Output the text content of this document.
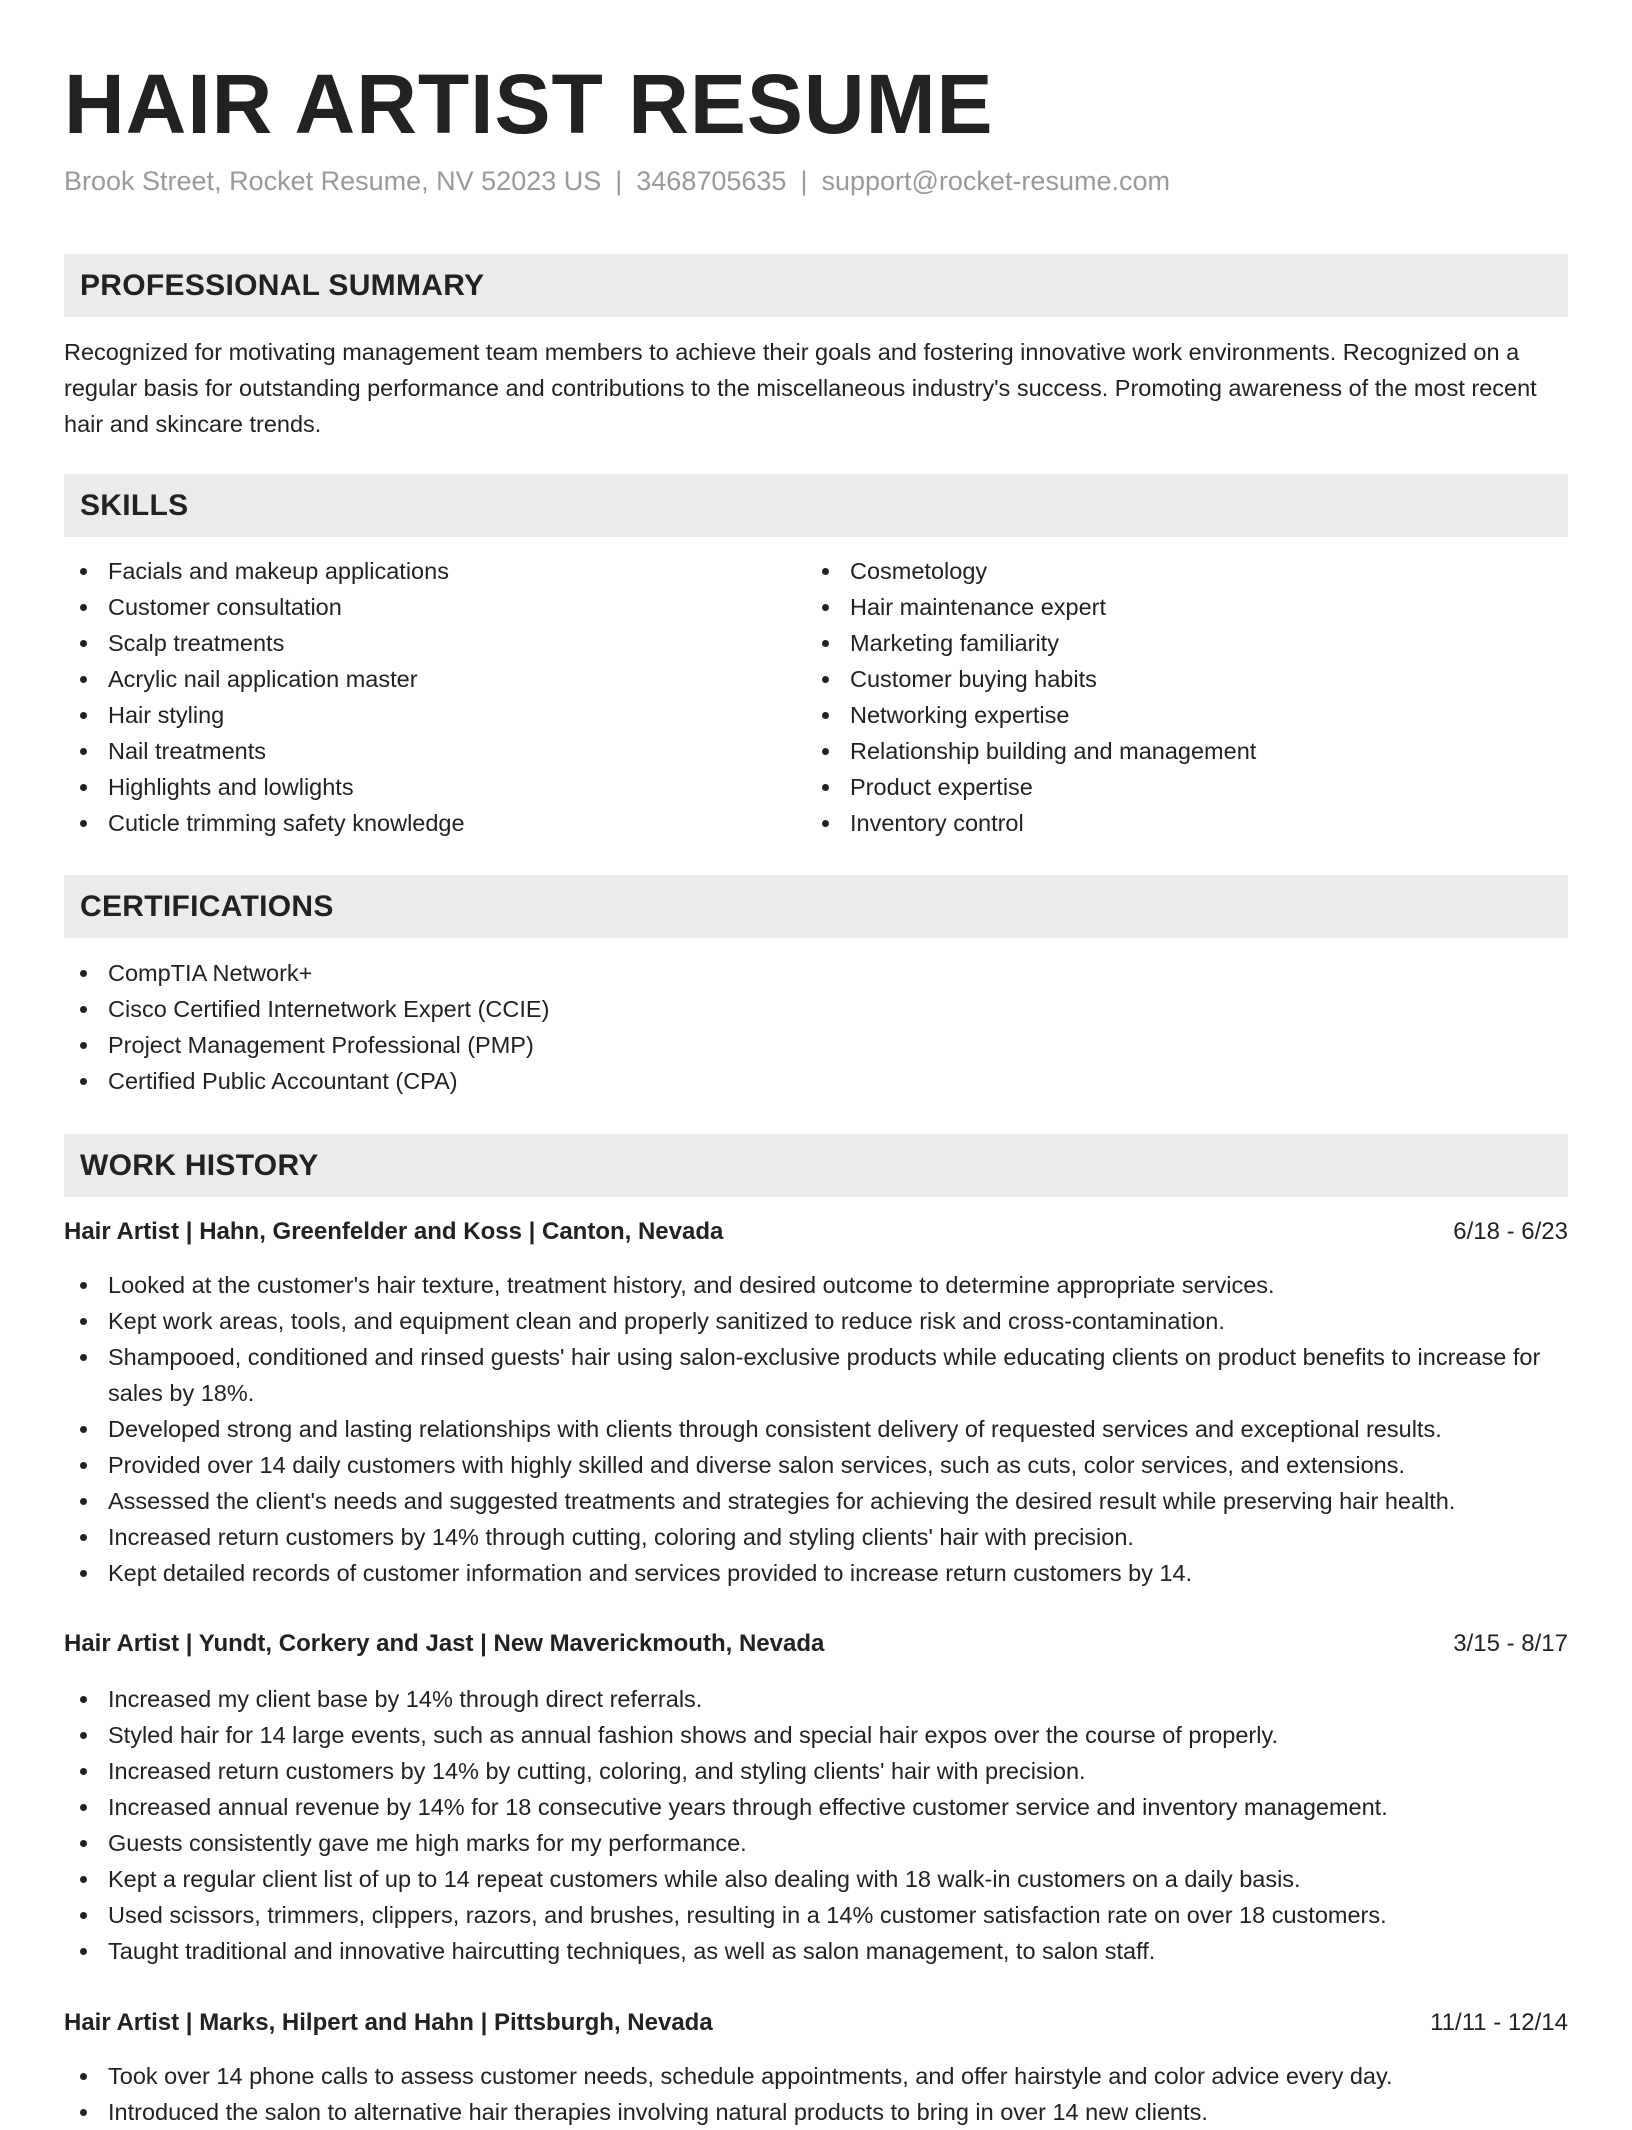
HAIR ARTIST RESUME
Brook Street, Rocket Resume, NV 52023 US | 3468705635 | support@rocket-resume.com
PROFESSIONAL SUMMARY
Recognized for motivating management team members to achieve their goals and fostering innovative work environments. Recognized on a regular basis for outstanding performance and contributions to the miscellaneous industry's success. Promoting awareness of the most recent hair and skincare trends.
SKILLS
Facials and makeup applications
Customer consultation
Scalp treatments
Acrylic nail application master
Hair styling
Nail treatments
Highlights and lowlights
Cuticle trimming safety knowledge
Cosmetology
Hair maintenance expert
Marketing familiarity
Customer buying habits
Networking expertise
Relationship building and management
Product expertise
Inventory control
CERTIFICATIONS
CompTIA Network+
Cisco Certified Internetwork Expert (CCIE)
Project Management Professional (PMP)
Certified Public Accountant (CPA)
WORK HISTORY
Hair Artist | Hahn, Greenfelder and Koss | Canton, Nevada	6/18 - 6/23
Looked at the customer's hair texture, treatment history, and desired outcome to determine appropriate services.
Kept work areas, tools, and equipment clean and properly sanitized to reduce risk and cross-contamination.
Shampooed, conditioned and rinsed guests' hair using salon-exclusive products while educating clients on product benefits to increase for sales by 18%.
Developed strong and lasting relationships with clients through consistent delivery of requested services and exceptional results.
Provided over 14 daily customers with highly skilled and diverse salon services, such as cuts, color services, and extensions.
Assessed the client's needs and suggested treatments and strategies for achieving the desired result while preserving hair health.
Increased return customers by 14% through cutting, coloring and styling clients' hair with precision.
Kept detailed records of customer information and services provided to increase return customers by 14.
Hair Artist | Yundt, Corkery and Jast | New Maverickmouth, Nevada	3/15 - 8/17
Increased my client base by 14% through direct referrals.
Styled hair for 14 large events, such as annual fashion shows and special hair expos over the course of properly.
Increased return customers by 14% by cutting, coloring, and styling clients' hair with precision.
Increased annual revenue by 14% for 18 consecutive years through effective customer service and inventory management.
Guests consistently gave me high marks for my performance.
Kept a regular client list of up to 14 repeat customers while also dealing with 18 walk-in customers on a daily basis.
Used scissors, trimmers, clippers, razors, and brushes, resulting in a 14% customer satisfaction rate on over 18 customers.
Taught traditional and innovative haircutting techniques, as well as salon management, to salon staff.
Hair Artist | Marks, Hilpert and Hahn | Pittsburgh, Nevada	11/11 - 12/14
Took over 14 phone calls to assess customer needs, schedule appointments, and offer hairstyle and color advice every day.
Introduced the salon to alternative hair therapies involving natural products to bring in over 14 new clients.
